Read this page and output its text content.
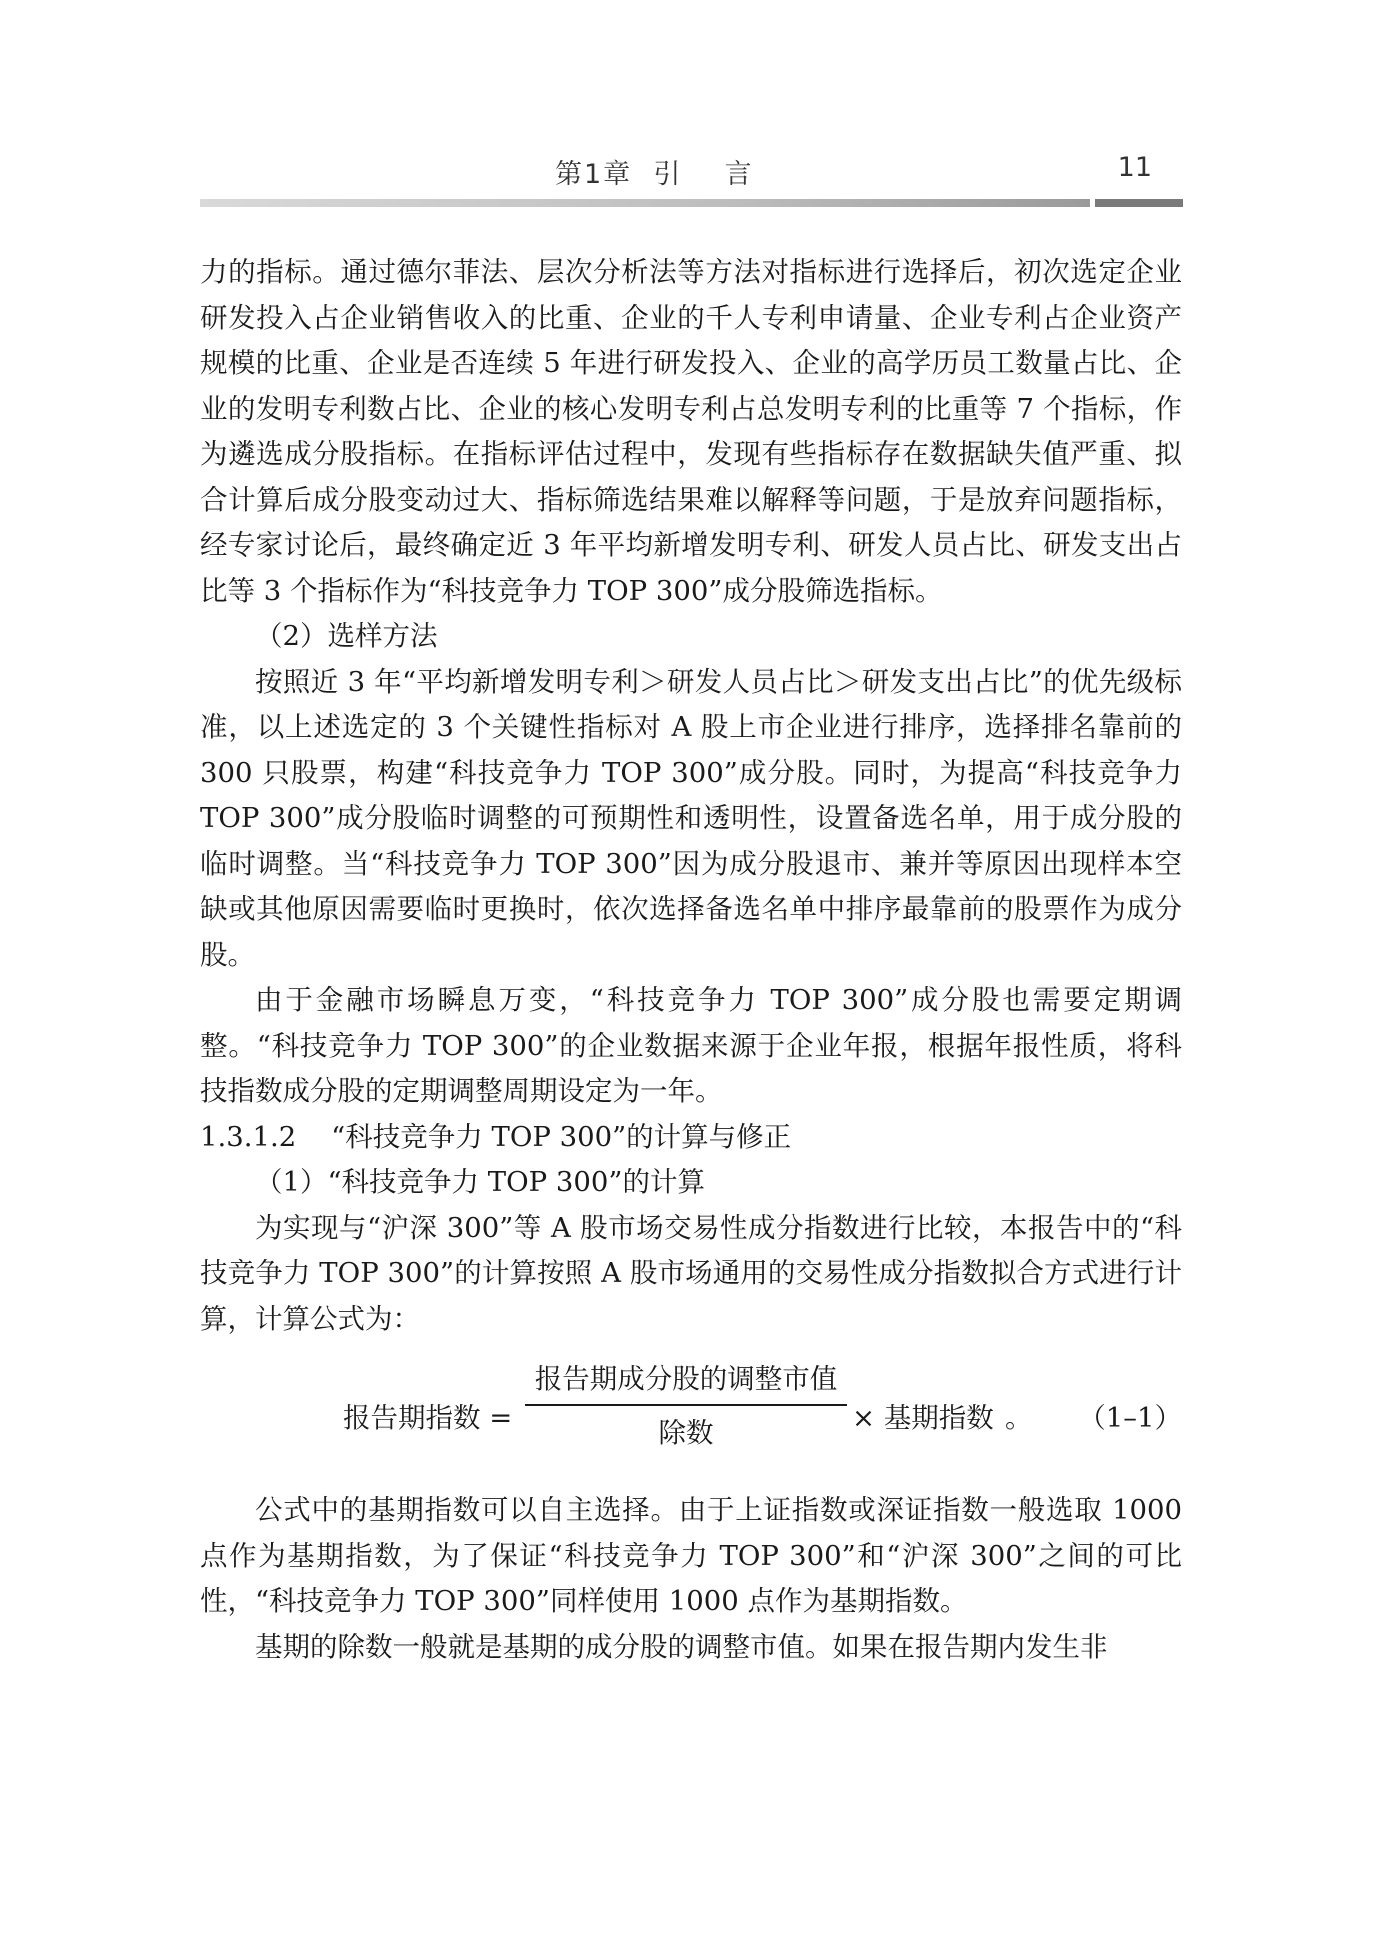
第1章  引    言	11

力的指标。通过德尔菲法、层次分析法等方法对指标进行选择后，初次选定企业研发投入占企业销售收入的比重、企业的千人专利申请量、企业专利占企业资产规模的比重、企业是否连续 5 年进行研发投入、企业的高学历员工数量占比、企业的发明专利数占比、企业的核心发明专利占总发明专利的比重等 7 个指标，作为遴选成分股指标。在指标评估过程中，发现有些指标存在数据缺失值严重、拟合计算后成分股变动过大、指标筛选结果难以解释等问题，于是放弃问题指标，经专家讨论后，最终确定近 3 年平均新增发明专利、研发人员占比、研发支出占比等 3 个指标作为“科技竞争力 TOP 300”成分股筛选指标。

（2）选样方法

按照近 3 年“平均新增发明专利＞研发人员占比＞研发支出占比”的优先级标准，以上述选定的 3 个关键性指标对 A 股上市企业进行排序，选择排名靠前的 300 只股票，构建“科技竞争力 TOP 300”成分股。同时，为提高“科技竞争力 TOP 300”成分股临时调整的可预期性和透明性，设置备选名单，用于成分股的临时调整。当“科技竞争力 TOP 300”因为成分股退市、兼并等原因出现样本空缺或其他原因需要临时更换时，依次选择备选名单中排序最靠前的股票作为成分股。

由于金融市场瞬息万变，“科技竞争力 TOP 300”成分股也需要定期调整。“科技竞争力 TOP 300”的企业数据来源于企业年报，根据年报性质，将科技指数成分股的定期调整周期设定为一年。

1.3.1.2    “科技竞争力 TOP 300”的计算与修正

（1）“科技竞争力 TOP 300”的计算

为实现与“沪深 300”等 A 股市场交易性成分指数进行比较，本报告中的“科技竞争力 TOP 300”的计算按照 A 股市场通用的交易性成分指数拟合方式进行计算，计算公式为：

报告期指数 =
报告期成分股的调整市值
除数	× 基期指数 。 （1–1）

公式中的基期指数可以自主选择。由于上证指数或深证指数一般选取 1000 点作为基期指数，为了保证“科技竞争力 TOP 300”和“沪深 300”之间的可比性，“科技竞争力 TOP 300”同样使用 1000 点作为基期指数。

基期的除数一般就是基期的成分股的调整市值。如果在报告期内发生非
